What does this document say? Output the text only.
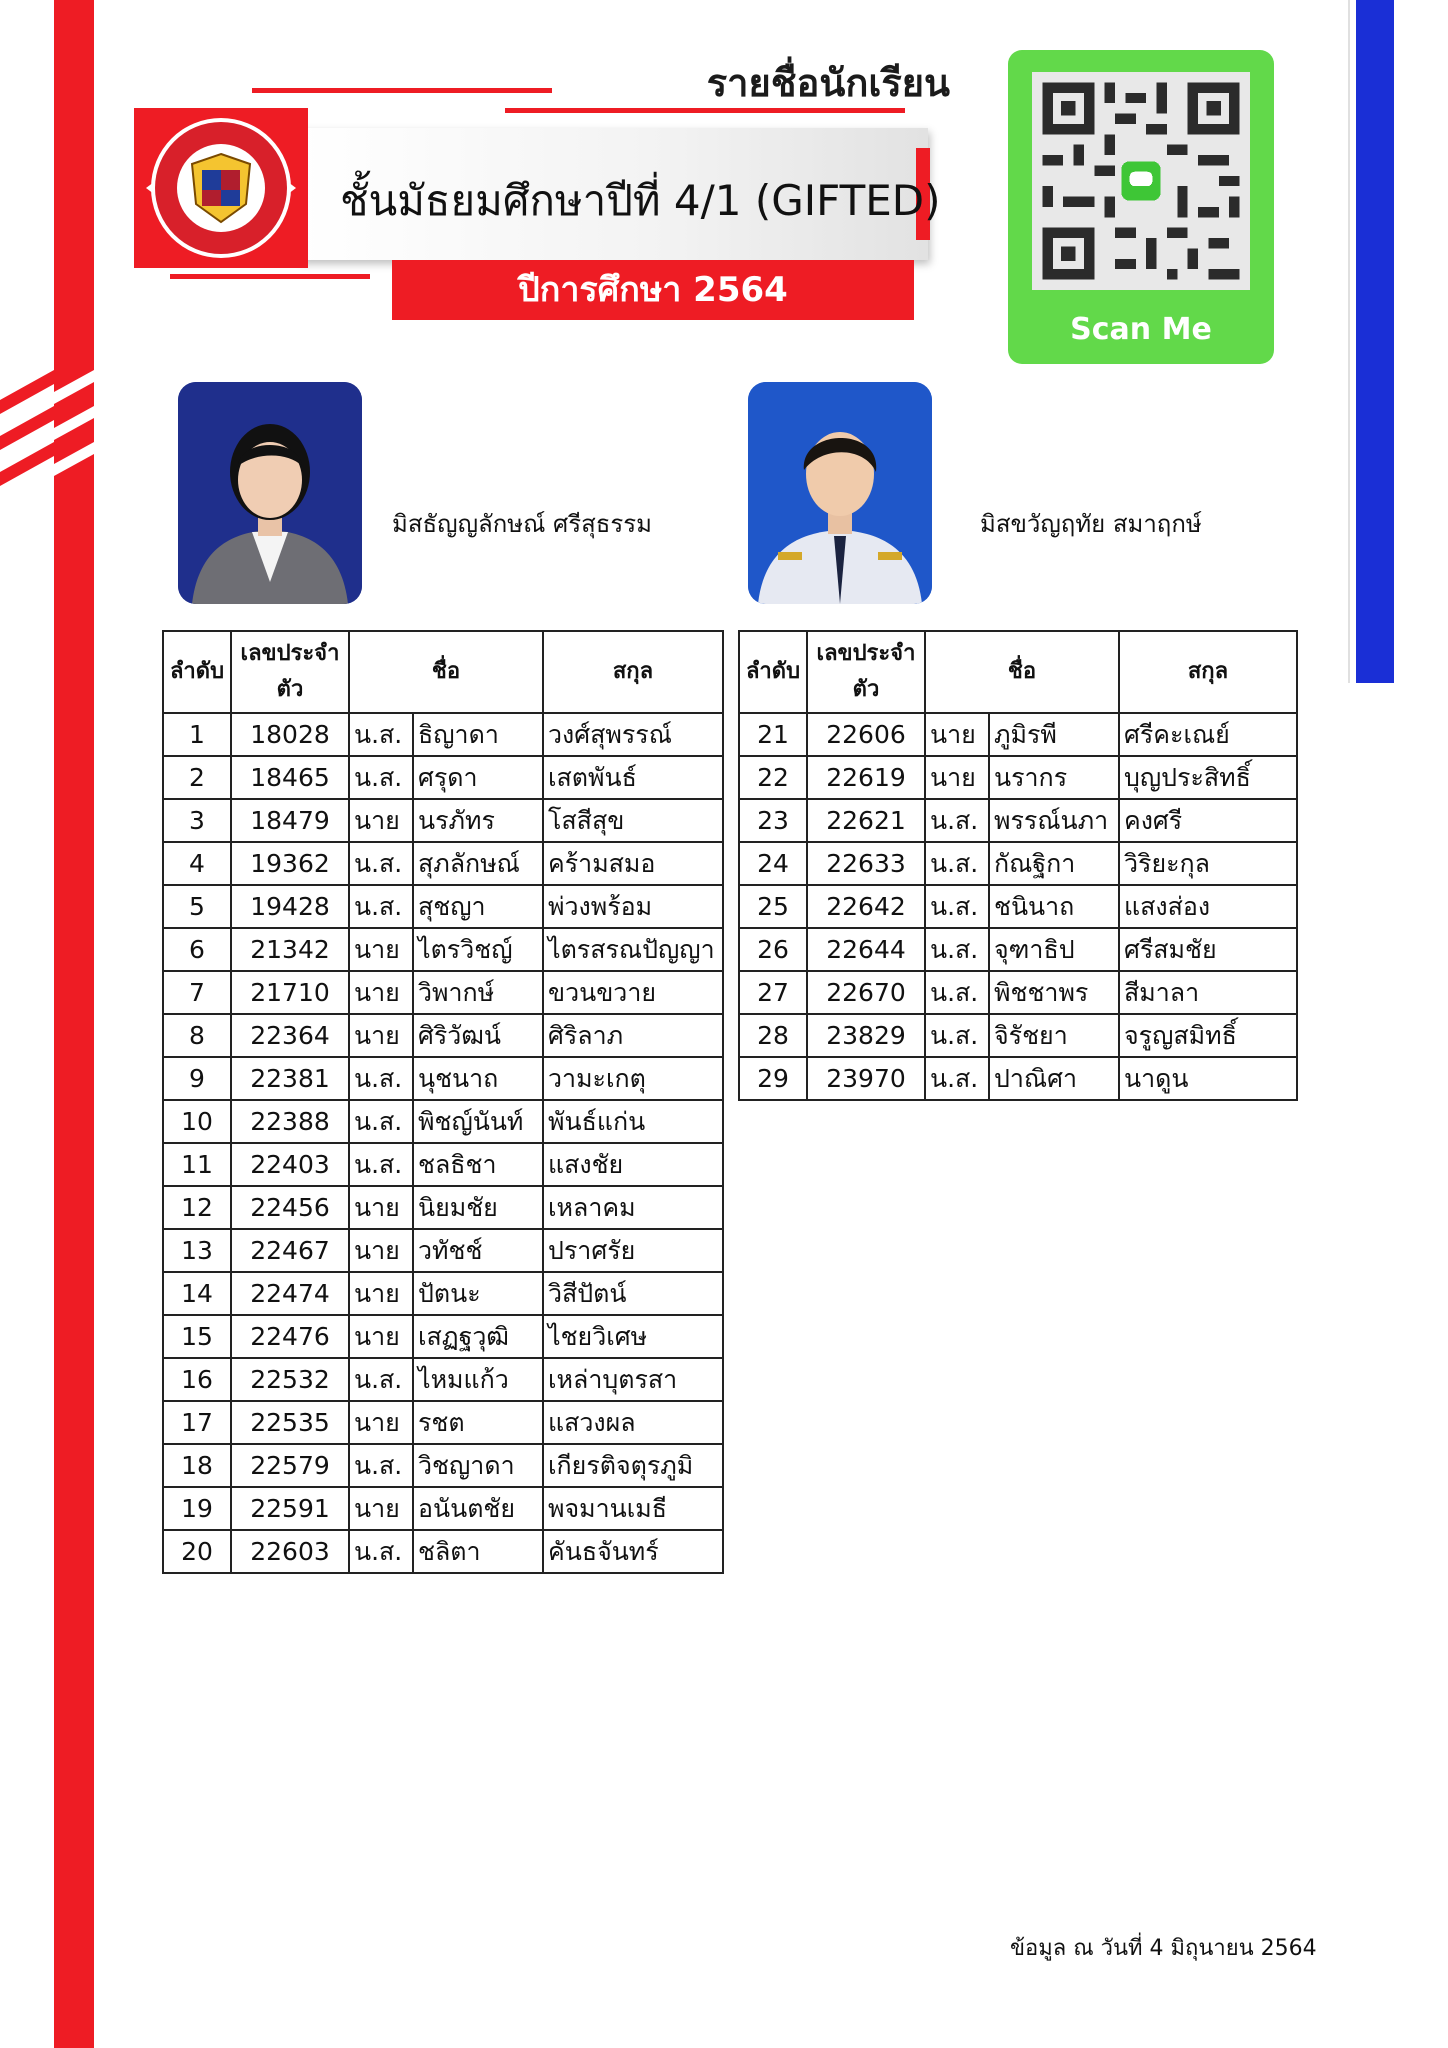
รายชื่อนักเรียน
ชั้นมัธยมศึกษาปีที่ 4/1 (GIFTED)
ปีการศึกษา 2564
Scan Me
มิสธัญญลักษณ์ ศรีสุธรรม	มิสขวัญฤทัย สมาฤกษ์
ลำดับ	เลขประจำตัว	ชื่อ		สกุล
1	18028	น.ส.	ธิญาดา	วงศ์สุพรรณ์
2	18465	น.ส.	ศรุดา	เสตพันธ์
3	18479	นาย	นรภัทร	โสสีสุข
4	19362	น.ส.	สุภลักษณ์	คร้ามสมอ
5	19428	น.ส.	สุชญา	พ่วงพร้อม
6	21342	นาย	ไตรวิชญ์	ไตรสรณปัญญา
7	21710	นาย	วิพากษ์	ขวนขวาย
8	22364	นาย	ศิริวัฒน์	ศิริลาภ
9	22381	น.ส.	นุชนาถ	วามะเกตุ
10	22388	น.ส.	พิชญ์นันท์	พันธ์แก่น
11	22403	น.ส.	ชลธิชา	แสงชัย
12	22456	นาย	นิยมชัย	เหลาคม
13	22467	นาย	วทัชช์	ปราศรัย
14	22474	นาย	ปัตนะ	วิสีปัตน์
15	22476	นาย	เสฏฐวุฒิ	ไชยวิเศษ
16	22532	น.ส.	ไหมแก้ว	เหล่าบุตรสา
17	22535	นาย	รชต	แสวงผล
18	22579	น.ส.	วิชญาดา	เกียรติจตุรภูมิ
19	22591	นาย	อนันตชัย	พจมานเมธี
20	22603	น.ส.	ชลิตา	คันธจันทร์
ลำดับ	เลขประจำตัว	ชื่อ		สกุล
21	22606	นาย	ภูมิรพี	ศรีคะเณย์
22	22619	นาย	นรากร	บุญประสิทธิ์
23	22621	น.ส.	พรรณ์นภา	คงศรี
24	22633	น.ส.	กัณฐิกา	วิริยะกุล
25	22642	น.ส.	ชนินาถ	แสงส่อง
26	22644	น.ส.	จุฑาธิป	ศรีสมชัย
27	22670	น.ส.	พิชชาพร	สีมาลา
28	23829	น.ส.	จิรัชยา	จรูญสมิทธิ์
29	23970	น.ส.	ปาณิศา	นาดูน
ข้อมูล ณ วันที่ 4 มิถุนายน 2564
